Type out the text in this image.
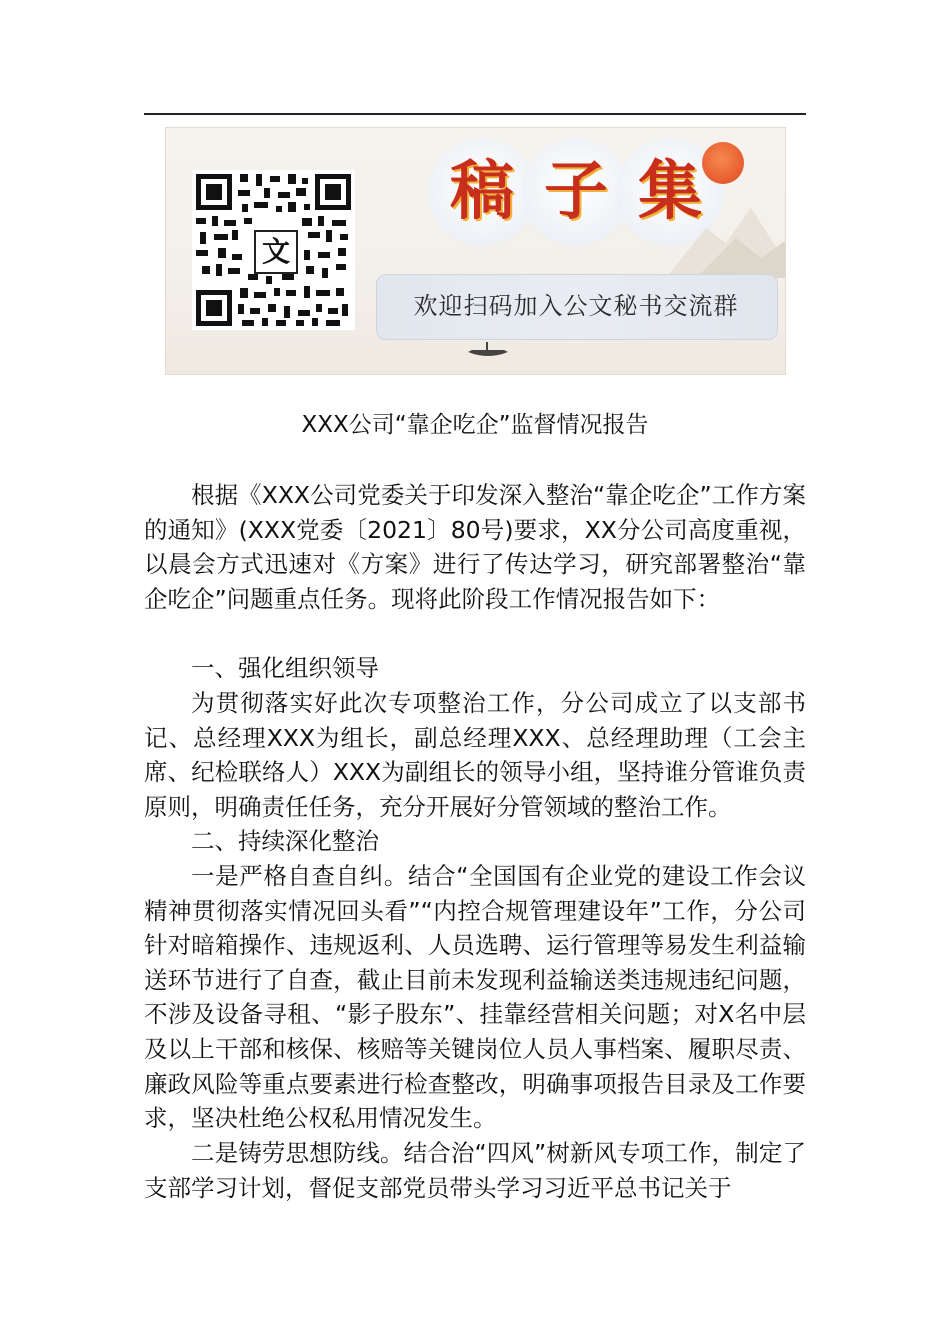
文
稿 子 集
欢迎扫码加入公文秘书交流群
XXX公司“靠企吃企”监督情况报告

根据《XXX公司党委关于印发深入整治“靠企吃企”工作方案的通知》(XXX党委〔2021〕80号)要求，XX分公司高度重视，以晨会方式迅速对《方案》进行了传达学习，研究部署整治“靠企吃企”问题重点任务。现将此阶段工作情况报告如下：

一、强化组织领导

为贯彻落实好此次专项整治工作，分公司成立了以支部书记、总经理XXX为组长，副总经理XXX、总经理助理（工会主席、纪检联络人）XXX为副组长的领导小组，坚持谁分管谁负责原则，明确责任任务，充分开展好分管领域的整治工作。

二、持续深化整治

一是严格自查自纠。结合“全国国有企业党的建设工作会议精神贯彻落实情况回头看”“内控合规管理建设年”工作，分公司针对暗箱操作、违规返利、人员选聘、运行管理等易发生利益输送环节进行了自查，截止目前未发现利益输送类违规违纪问题，不涉及设备寻租、“影子股东”、挂靠经营相关问题；对X名中层及以上干部和核保、核赔等关键岗位人员人事档案、履职尽责、廉政风险等重点要素进行检查整改，明确事项报告目录及工作要求，坚决杜绝公权私用情况发生。

二是铸劳思想防线。结合治“四风”树新风专项工作，制定了支部学习计划，督促支部党员带头学习习近平总书记关于
